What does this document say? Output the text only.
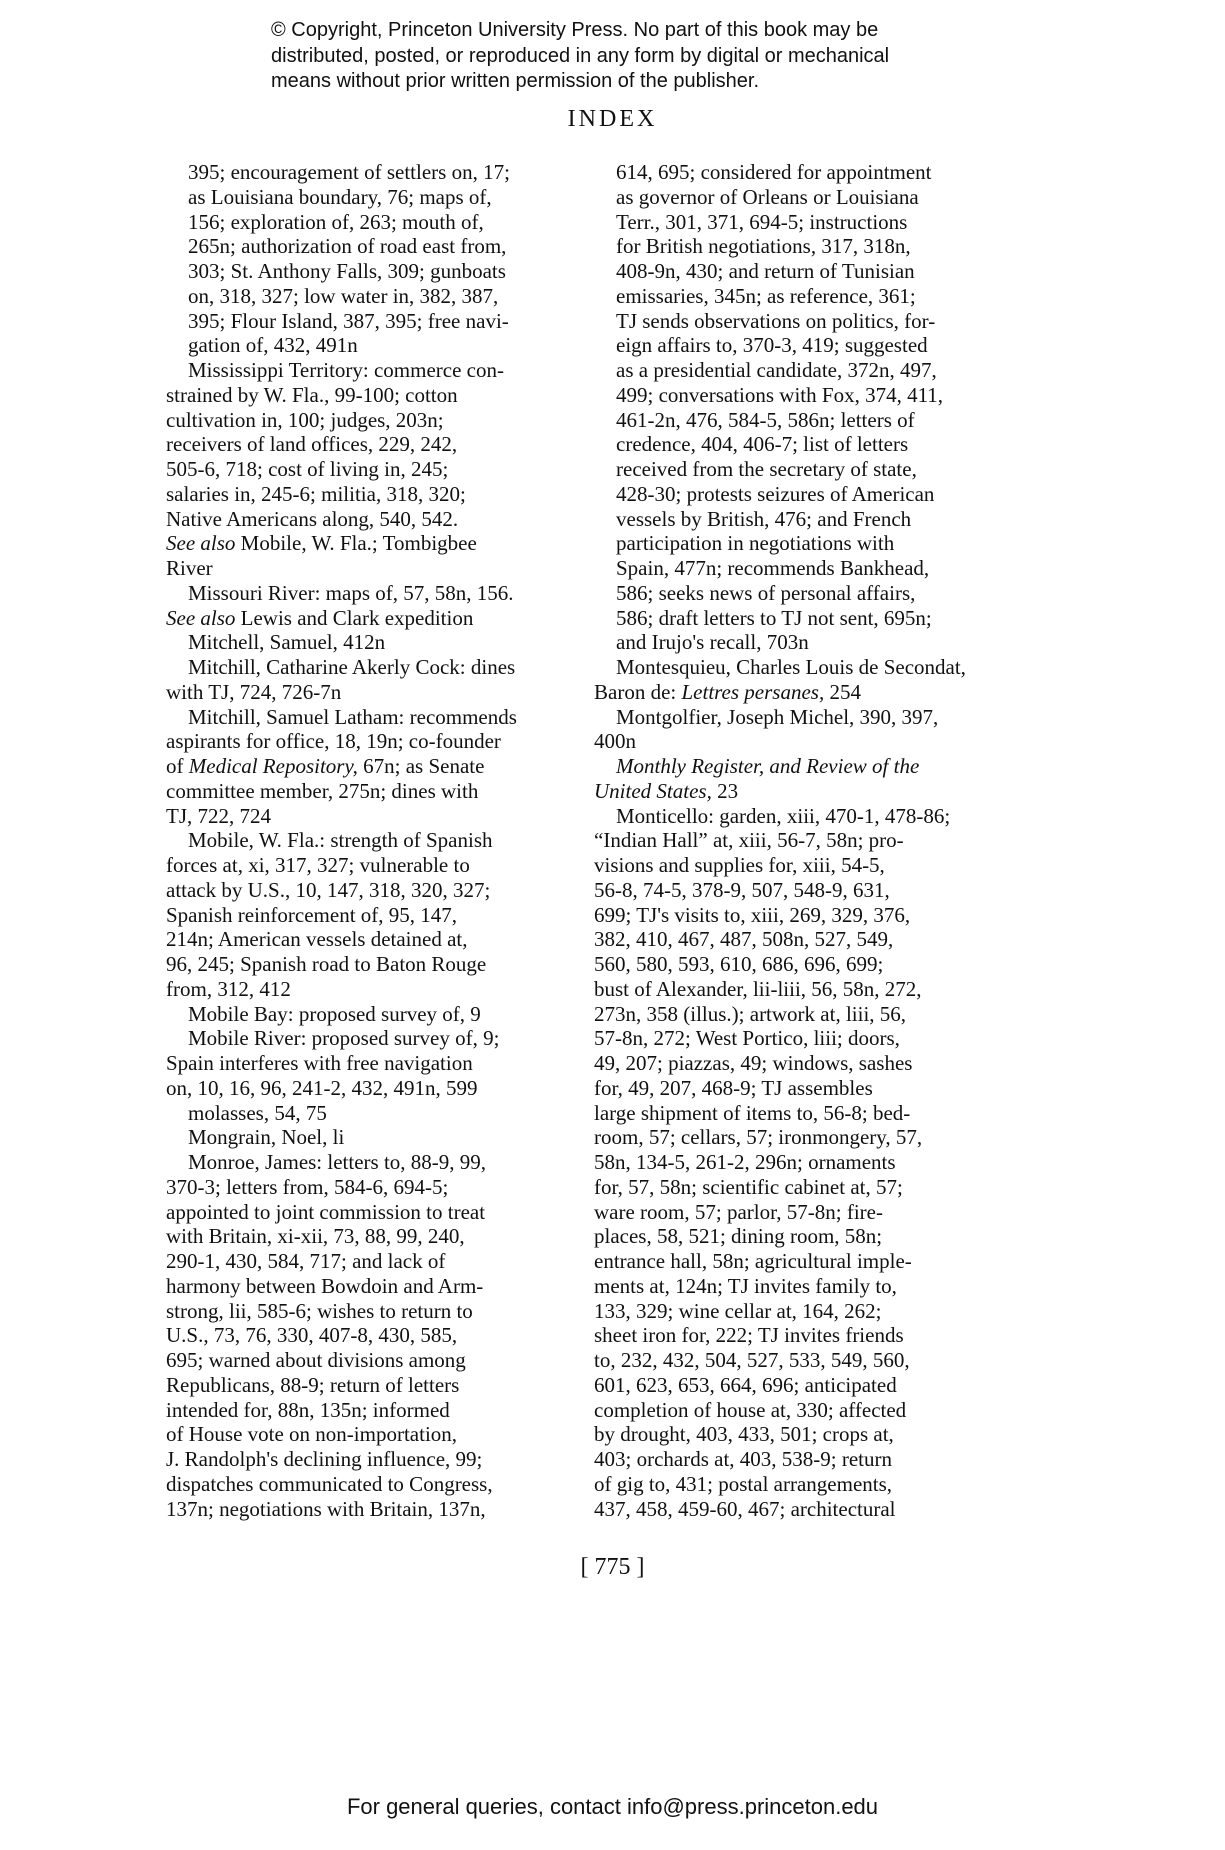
© Copyright, Princeton University Press. No part of this book may be
distributed, posted, or reproduced in any form by digital or mechanical
means without prior written permission of the publisher.
INDEX
395; encouragement of settlers on, 17;
as Louisiana boundary, 76; maps of,
156; exploration of, 263; mouth of,
265n; authorization of road east from,
303; St. Anthony Falls, 309; gunboats
on, 318, 327; low water in, 382, 387,
395; Flour Island, 387, 395; free navi-
gation of, 432, 491n
Mississippi Territory: commerce con-
strained by W. Fla., 99-100; cotton
cultivation in, 100; judges, 203n;
receivers of land offices, 229, 242,
505-6, 718; cost of living in, 245;
salaries in, 245-6; militia, 318, 320;
Native Americans along, 540, 542.
See also Mobile, W. Fla.; Tombigbee
River
Missouri River: maps of, 57, 58n, 156.
See also Lewis and Clark expedition
Mitchell, Samuel, 412n
Mitchill, Catharine Akerly Cock: dines
with TJ, 724, 726-7n
Mitchill, Samuel Latham: recommends
aspirants for office, 18, 19n; co-founder
of Medical Repository, 67n; as Senate
committee member, 275n; dines with
TJ, 722, 724
Mobile, W. Fla.: strength of Spanish
forces at, xi, 317, 327; vulnerable to
attack by U.S., 10, 147, 318, 320, 327;
Spanish reinforcement of, 95, 147,
214n; American vessels detained at,
96, 245; Spanish road to Baton Rouge
from, 312, 412
Mobile Bay: proposed survey of, 9
Mobile River: proposed survey of, 9;
Spain interferes with free navigation
on, 10, 16, 96, 241-2, 432, 491n, 599
molasses, 54, 75
Mongrain, Noel, li
Monroe, James: letters to, 88-9, 99,
370-3; letters from, 584-6, 694-5;
appointed to joint commission to treat
with Britain, xi-xii, 73, 88, 99, 240,
290-1, 430, 584, 717; and lack of
harmony between Bowdoin and Arm-
strong, lii, 585-6; wishes to return to
U.S., 73, 76, 330, 407-8, 430, 585,
695; warned about divisions among
Republicans, 88-9; return of letters
intended for, 88n, 135n; informed
of House vote on non-importation,
J. Randolph's declining influence, 99;
dispatches communicated to Congress,
137n; negotiations with Britain, 137n,
614, 695; considered for appointment
as governor of Orleans or Louisiana
Terr., 301, 371, 694-5; instructions
for British negotiations, 317, 318n,
408-9n, 430; and return of Tunisian
emissaries, 345n; as reference, 361;
TJ sends observations on politics, for-
eign affairs to, 370-3, 419; suggested
as a presidential candidate, 372n, 497,
499; conversations with Fox, 374, 411,
461-2n, 476, 584-5, 586n; letters of
credence, 404, 406-7; list of letters
received from the secretary of state,
428-30; protests seizures of American
vessels by British, 476; and French
participation in negotiations with
Spain, 477n; recommends Bankhead,
586; seeks news of personal affairs,
586; draft letters to TJ not sent, 695n;
and Irujo's recall, 703n
Montesquieu, Charles Louis de Secondat,
Baron de: Lettres persanes, 254
Montgolfier, Joseph Michel, 390, 397,
400n
Monthly Register, and Review of the
United States, 23
Monticello: garden, xiii, 470-1, 478-86;
“Indian Hall” at, xiii, 56-7, 58n; pro-
visions and supplies for, xiii, 54-5,
56-8, 74-5, 378-9, 507, 548-9, 631,
699; TJ's visits to, xiii, 269, 329, 376,
382, 410, 467, 487, 508n, 527, 549,
560, 580, 593, 610, 686, 696, 699;
bust of Alexander, lii-liii, 56, 58n, 272,
273n, 358 (illus.); artwork at, liii, 56,
57-8n, 272; West Portico, liii; doors,
49, 207; piazzas, 49; windows, sashes
for, 49, 207, 468-9; TJ assembles
large shipment of items to, 56-8; bed-
room, 57; cellars, 57; ironmongery, 57,
58n, 134-5, 261-2, 296n; ornaments
for, 57, 58n; scientific cabinet at, 57;
ware room, 57; parlor, 57-8n; fire-
places, 58, 521; dining room, 58n;
entrance hall, 58n; agricultural imple-
ments at, 124n; TJ invites family to,
133, 329; wine cellar at, 164, 262;
sheet iron for, 222; TJ invites friends
to, 232, 432, 504, 527, 533, 549, 560,
601, 623, 653, 664, 696; anticipated
completion of house at, 330; affected
by drought, 403, 433, 501; crops at,
403; orchards at, 403, 538-9; return
of gig to, 431; postal arrangements,
437, 458, 459-60, 467; architectural
[ 775 ]
For general queries, contact info@press.princeton.edu
